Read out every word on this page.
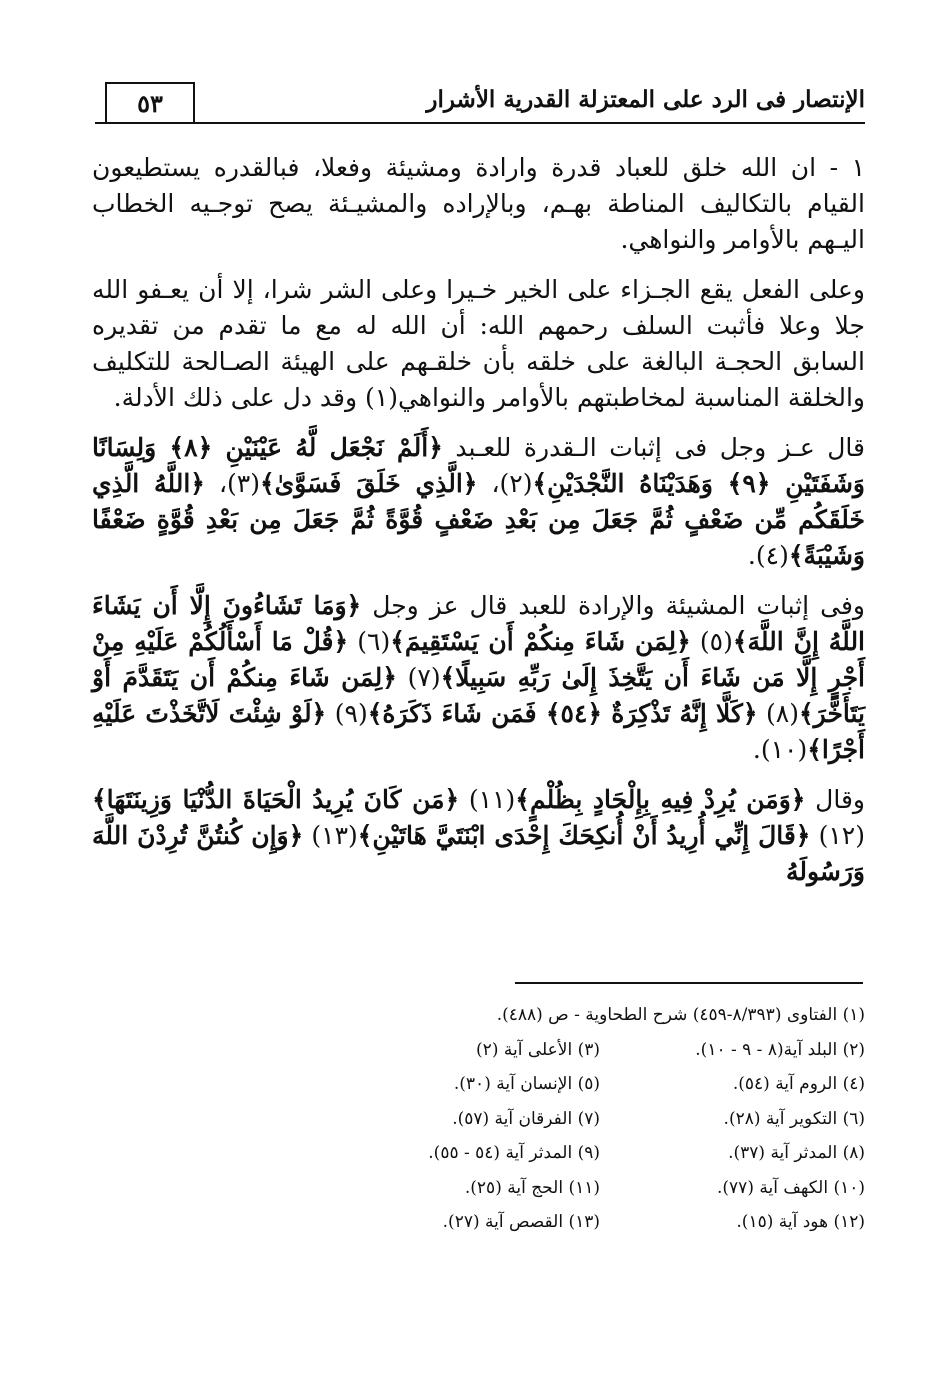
٥٣	الإنتصار فى الرد على المعتزلة القدرية الأشرار

١ - ان الله خلق للعباد قدرة وارادة ومشيئة وفعلا، فبالقدره يستطيعون القيام بالتكاليف المناطة بهـم، وبالإراده والمشيـئة يصح توجـيه الخطاب اليـهم بالأوامر والنواهي.

وعلى الفعل يقع الجـزاء على الخير خـيرا وعلى الشر شرا، إلا أن يعـفو الله جلا وعلا فأثبت السلف رحمهم الله: أن الله له مع ما تقدم من تقديره السابق الحجـة البالغة على خلقه بأن خلقـهم على الهيئة الصـالحة للتكليف والخلقة المناسبة لمخاطبتهم بالأوامر والنواهي(١) وقد دل على ذلك الأدلة.

قال عـز وجل فى إثبات الـقدرة للعـبد ﴿أَلَمْ نَجْعَل لَّهُ عَيْنَيْنِ ﴿٨﴾ وَلِسَانًا وَشَفَتَيْنِ ﴿٩﴾ وَهَدَيْنَاهُ النَّجْدَيْنِ﴾(٢)، ﴿الَّذِي خَلَقَ فَسَوَّىٰ﴾(٣)، ﴿اللَّهُ الَّذِي خَلَقَكُم مِّن ضَعْفٍ ثُمَّ جَعَلَ مِن بَعْدِ ضَعْفٍ قُوَّةً ثُمَّ جَعَلَ مِن بَعْدِ قُوَّةٍ ضَعْفًا وَشَيْبَةً﴾(٤).

وفى إثبات المشيئة والإرادة للعبد قال عز وجل ﴿وَمَا تَشَاءُونَ إِلَّا أَن يَشَاءَ اللَّهُ إِنَّ اللَّهَ﴾(٥) ﴿لِمَن شَاءَ مِنكُمْ أَن يَسْتَقِيمَ﴾(٦) ﴿قُلْ مَا أَسْأَلُكُمْ عَلَيْهِ مِنْ أَجْرٍ إِلَّا مَن شَاءَ أَن يَتَّخِذَ إِلَىٰ رَبِّهِ سَبِيلًا﴾(٧) ﴿لِمَن شَاءَ مِنكُمْ أَن يَتَقَدَّمَ أَوْ يَتَأَخَّرَ﴾(٨) ﴿كَلَّا إِنَّهُ تَذْكِرَةٌ ﴿٥٤﴾ فَمَن شَاءَ ذَكَرَهُ﴾(٩) ﴿لَوْ شِئْتَ لَاتَّخَذْتَ عَلَيْهِ أَجْرًا﴾(١٠).

وقال ﴿وَمَن يُرِدْ فِيهِ بِإِلْحَادٍ بِظُلْمٍ﴾(١١) ﴿مَن كَانَ يُرِيدُ الْحَيَاةَ الدُّنْيَا وَزِينَتَهَا﴾(١٢) ﴿قَالَ إِنِّي أُرِيدُ أَنْ أُنكِحَكَ إِحْدَى ابْنَتَيَّ هَاتَيْنِ﴾(١٣) ﴿وَإِن كُنتُنَّ تُرِدْنَ اللَّهَ وَرَسُولَهُ

(١) الفتاوى (٨/٣٩٣-٤٥٩) شرح الطحاوية - ص (٤٨٨).
(٢) البلد آية(٨ - ٩ - ١٠).
(٣) الأعلى آية (٢)
(٤) الروم آية (٥٤).
(٥) الإنسان آية (٣٠).
(٦) التكوير آية (٢٨).
(٧) الفرقان آية (٥٧).
(٨) المدثر آية (٣٧).
(٩) المدثر آية (٥٤ - ٥٥).
(١٠) الكهف آية (٧٧).
(١١) الحج آية (٢٥).
(١٢) هود آية (١٥).
(١٣) القصص آية (٢٧).
